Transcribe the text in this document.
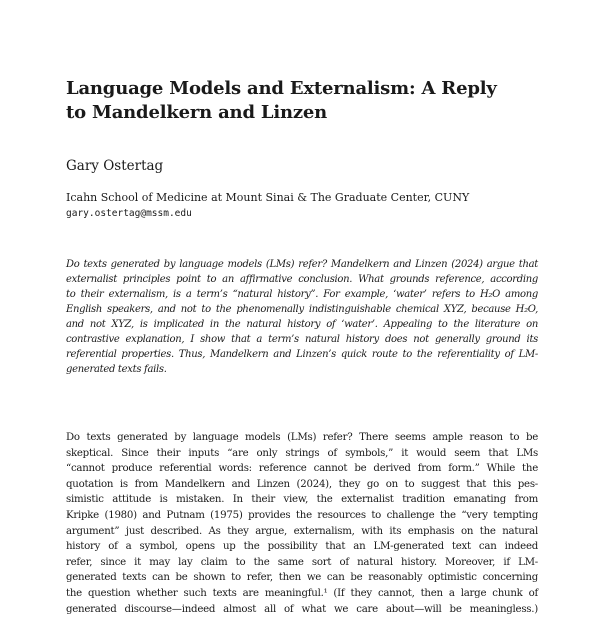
Language Models and Externalism: A Reply
to Mandelkern and Linzen
Gary Ostertag
Icahn School of Medicine at Mount Sinai & The Graduate Center, CUNY
gary.ostertag@mssm.edu
Do texts generated by language models (LMs) refer? Mandelkern and Linzen (2024) argue that
externalist principles point to an affirmative conclusion. What grounds reference, according
to their externalism, is a term’s “natural history”. For example, ‘water’ refers to H₂O among
English speakers, and not to the phenomenally indistinguishable chemical XYZ, because H₂O,
and not XYZ, is implicated in the natural history of ‘water’. Appealing to the literature on
contrastive explanation, I show that a term’s natural history does not generally ground its
referential properties. Thus, Mandelkern and Linzen’s quick route to the referentiality of LM-
generated texts fails.
Do texts generated by language models (LMs) refer? There seems ample reason to be
skeptical. Since their inputs “are only strings of symbols,” it would seem that LMs
“cannot produce referential words: reference cannot be derived from form.” While the
quotation is from Mandelkern and Linzen (2024), they go on to suggest that this pes-
simistic attitude is mistaken. In their view, the externalist tradition emanating from
Kripke (1980) and Putnam (1975) provides the resources to challenge the “very tempting
argument” just described. As they argue, externalism, with its emphasis on the natural
history of a symbol, opens up the possibility that an LM-generated text can indeed
refer, since it may lay claim to the same sort of natural history. Moreover, if LM-
generated texts can be shown to refer, then we can be reasonably optimistic concerning
the question whether such texts are meaningful.¹ (If they cannot, then a large chunk of
generated discourse—indeed almost all of what we care about—will be meaningless.)
